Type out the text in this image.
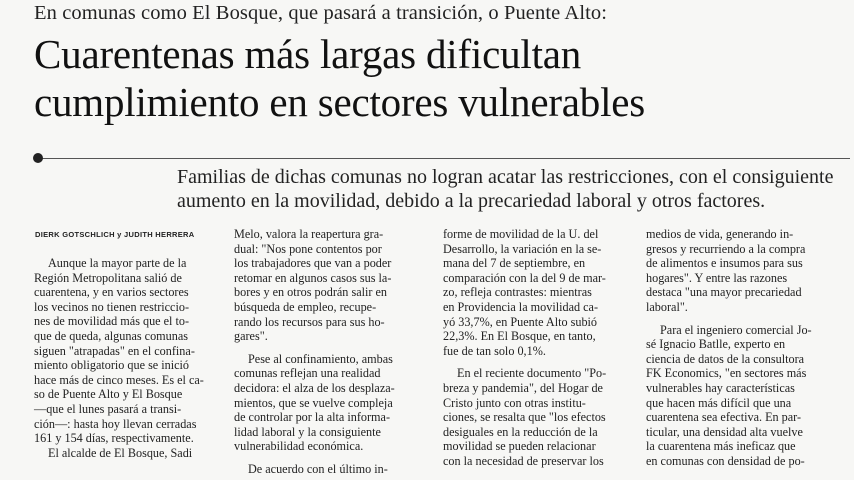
En comunas como El Bosque, que pasará a transición, o Puente Alto:
Cuarentenas más largas dificultan
cumplimiento en sectores vulnerables
Familias de dichas comunas no logran acatar las restricciones, con el consiguiente
aumento en la movilidad, debido a la precariedad laboral y otros factores.
DIERK GOTSCHLICH y JUDITH HERRERA

Aunque la mayor parte de la

Región Metropolitana salió de

cuarentena, y en varios sectores

los vecinos no tienen restriccio-

nes de movilidad más que el to-

que de queda, algunas comunas

siguen "atrapadas" en el confina-

miento obligatorio que se inició

hace más de cinco meses. Es el ca-

so de Puente Alto y El Bosque

—que el lunes pasará a transi-

ción—: hasta hoy llevan cerradas

161 y 154 días, respectivamente.

El alcalde de El Bosque, Sadi

Melo, valora la reapertura gra-

dual: "Nos pone contentos por

los trabajadores que van a poder

retomar en algunos casos sus la-

bores y en otros podrán salir en

búsqueda de empleo, recupe-

rando los recursos para sus ho-

gares".

Pese al confinamiento, ambas

comunas reflejan una realidad

decidora: el alza de los desplaza-

mientos, que se vuelve compleja

de controlar por la alta informa-

lidad laboral y la consiguiente

vulnerabilidad económica.

De acuerdo con el último in-

forme de movilidad de la U. del

Desarrollo, la variación en la se-

mana del 7 de septiembre, en

comparación con la del 9 de mar-

zo, refleja contrastes: mientras

en Providencia la movilidad ca-

yó 33,7%, en Puente Alto subió

22,3%. En El Bosque, en tanto,

fue de tan solo 0,1%.

En el reciente documento "Po-

breza y pandemia", del Hogar de

Cristo junto con otras institu-

ciones, se resalta que "los efectos

desiguales en la reducción de la

movilidad se pueden relacionar

con la necesidad de preservar los

medios de vida, generando in-

gresos y recurriendo a la compra

de alimentos e insumos para sus

hogares". Y entre las razones

destaca "una mayor precariedad

laboral".

Para el ingeniero comercial Jo-

sé Ignacio Batlle, experto en

ciencia de datos de la consultora

FK Economics, "en sectores más

vulnerables hay características

que hacen más difícil que una

cuarentena sea efectiva. En par-

ticular, una densidad alta vuelve

la cuarentena más ineficaz que

en comunas con densidad de po-
